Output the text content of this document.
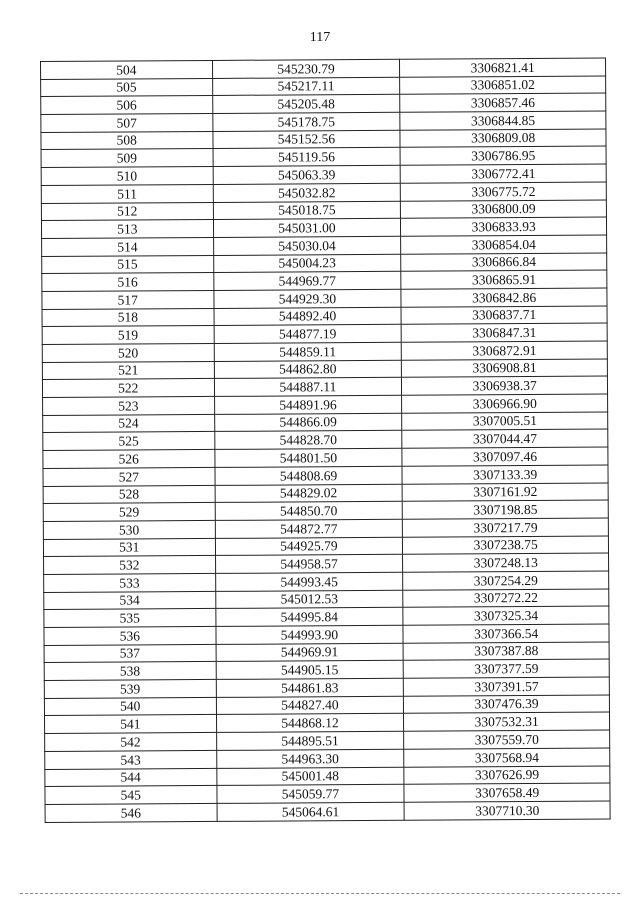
117
504	545230.79	3306821.41
505	545217.11	3306851.02
506	545205.48	3306857.46
507	545178.75	3306844.85
508	545152.56	3306809.08
509	545119.56	3306786.95
510	545063.39	3306772.41
511	545032.82	3306775.72
512	545018.75	3306800.09
513	545031.00	3306833.93
514	545030.04	3306854.04
515	545004.23	3306866.84
516	544969.77	3306865.91
517	544929.30	3306842.86
518	544892.40	3306837.71
519	544877.19	3306847.31
520	544859.11	3306872.91
521	544862.80	3306908.81
522	544887.11	3306938.37
523	544891.96	3306966.90
524	544866.09	3307005.51
525	544828.70	3307044.47
526	544801.50	3307097.46
527	544808.69	3307133.39
528	544829.02	3307161.92
529	544850.70	3307198.85
530	544872.77	3307217.79
531	544925.79	3307238.75
532	544958.57	3307248.13
533	544993.45	3307254.29
534	545012.53	3307272.22
535	544995.84	3307325.34
536	544993.90	3307366.54
537	544969.91	3307387.88
538	544905.15	3307377.59
539	544861.83	3307391.57
540	544827.40	3307476.39
541	544868.12	3307532.31
542	544895.51	3307559.70
543	544963.30	3307568.94
544	545001.48	3307626.99
545	545059.77	3307658.49
546	545064.61	3307710.30
